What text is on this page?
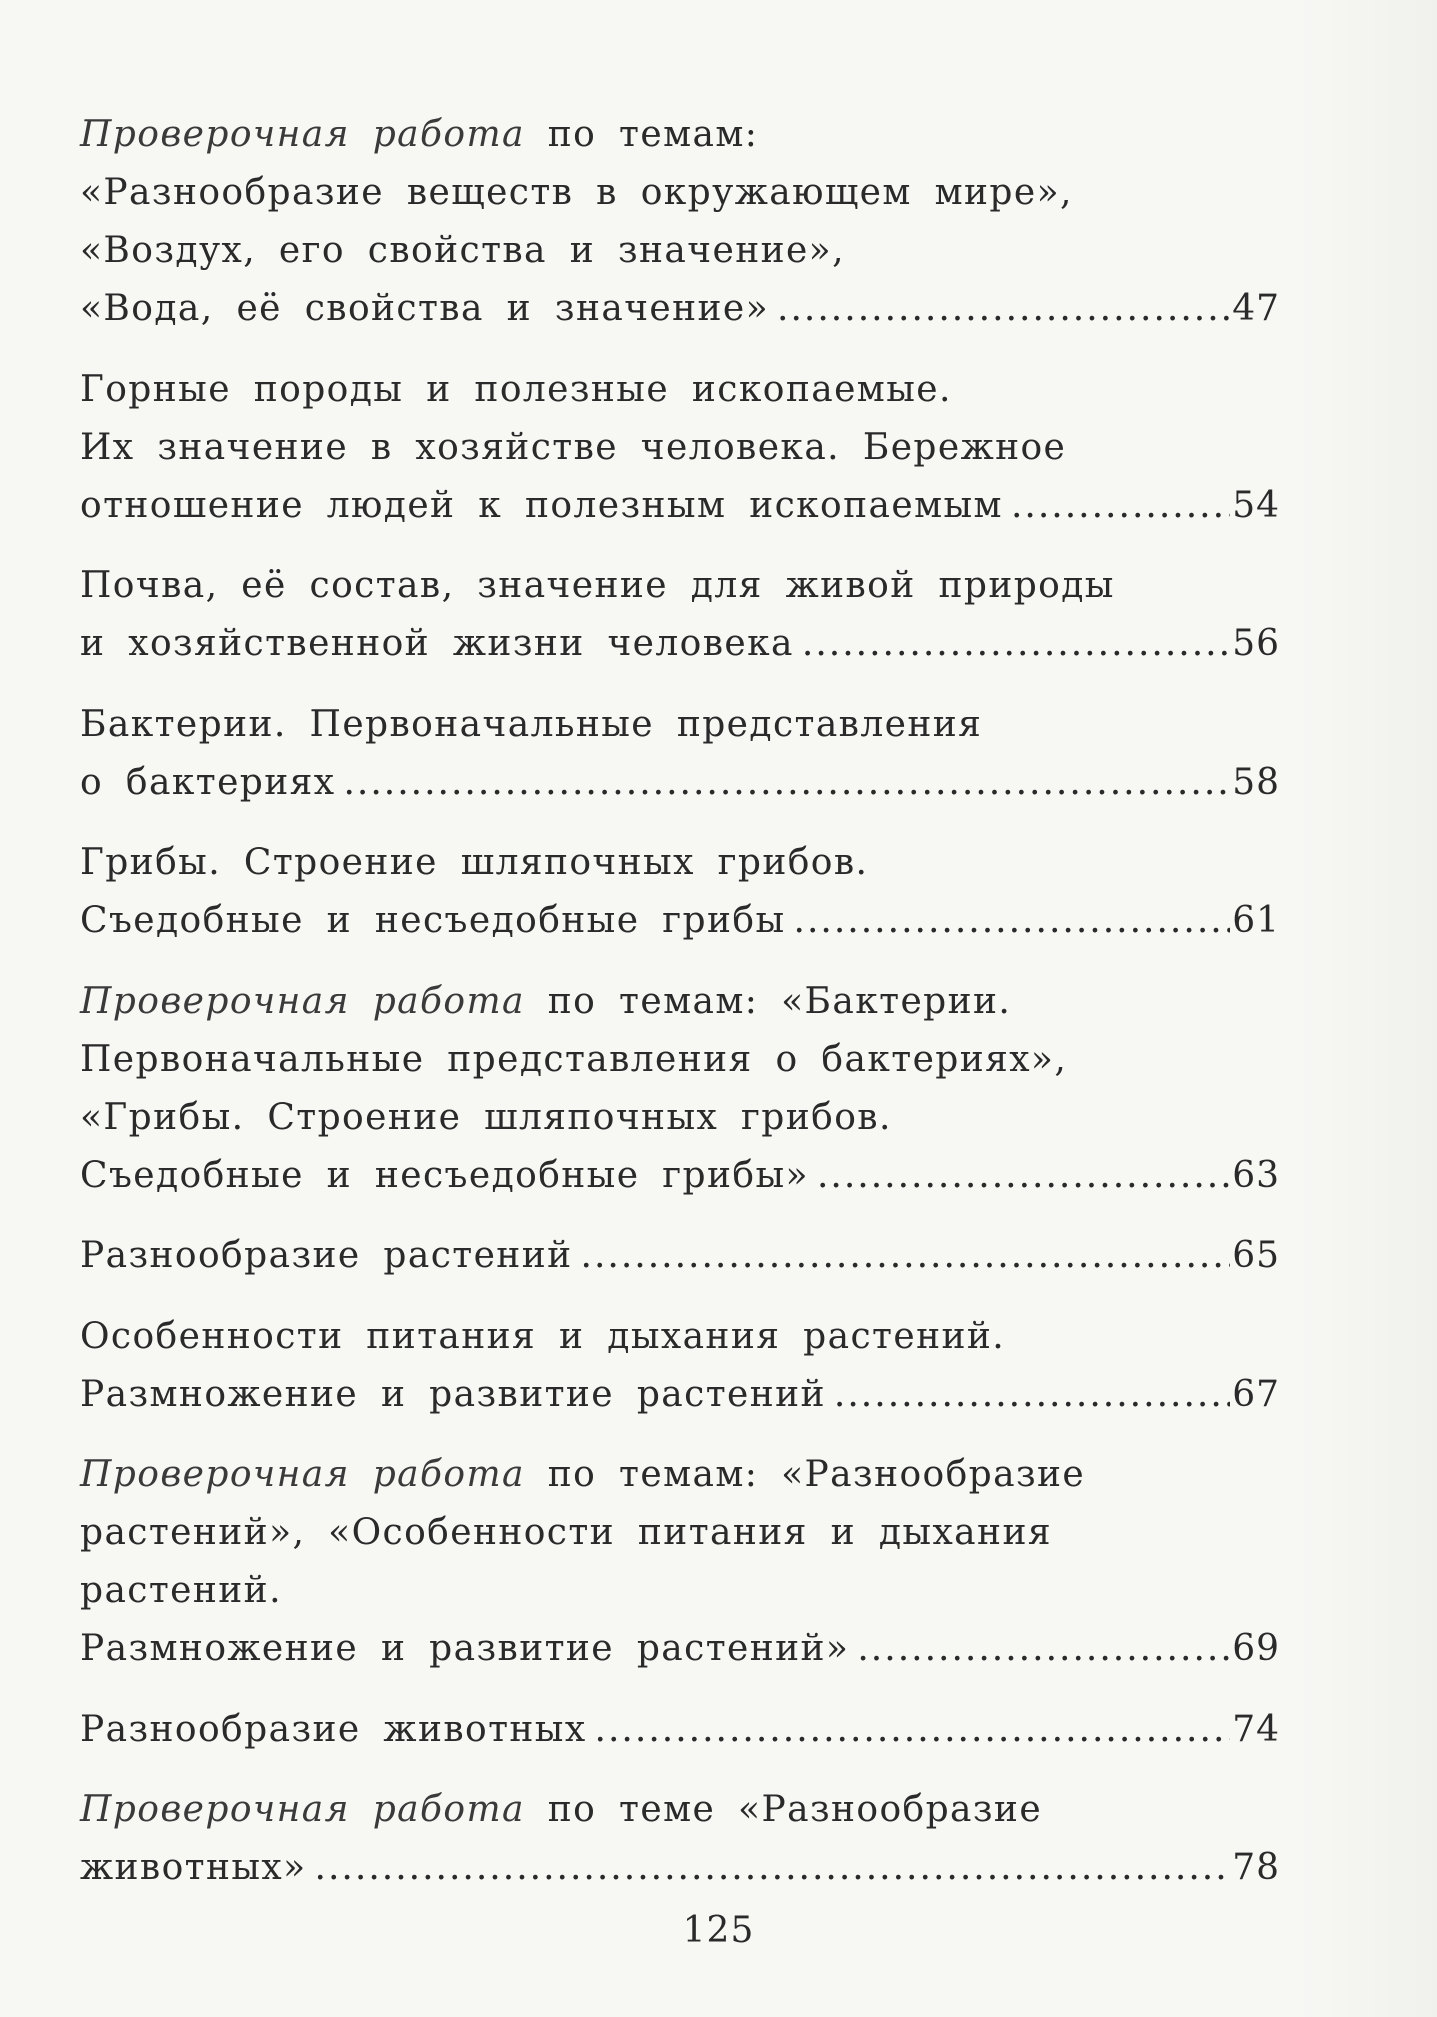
Проверочная работа по темам:
«Разнообразие веществ в окружающем мире»,
«Воздух, его свойства и значение»,
«Вода, её свойства и значение» .....	47
Горные породы и полезные ископаемые.
Их значение в хозяйстве человека. Бережное
отношение людей к полезным ископаемым .....	54
Почва, её состав, значение для живой природы
и хозяйственной жизни человека .....	56
Бактерии. Первоначальные представления
о бактериях .....	58
Грибы. Строение шляпочных грибов.
Съедобные и несъедобные грибы .....	61
Проверочная работа по темам: «Бактерии.
Первоначальные представления о бактериях»,
«Грибы. Строение шляпочных грибов.
Съедобные и несъедобные грибы» .....	63
Разнообразие растений .....	65
Особенности питания и дыхания растений.
Размножение и развитие растений .....	67
Проверочная работа по темам: «Разнообразие
растений», «Особенности питания и дыхания
растений.
Размножение и развитие растений» .....	69
Разнообразие животных .....	74
Проверочная работа по теме «Разнообразие
животных» .....	78
125
